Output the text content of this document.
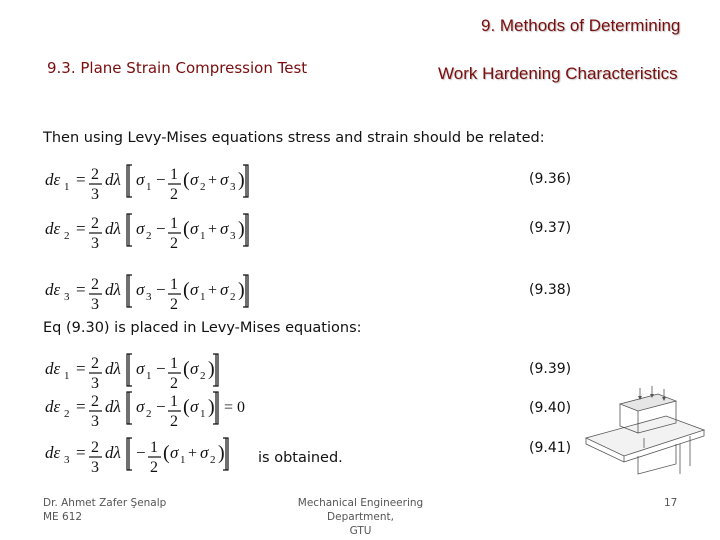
9. Methods of Determining
9.3. Plane Strain Compression Test	Work Hardening Characteristics
Then using Levy-Mises equations stress and strain should be related:
Eq (9.30) is placed in Levy-Mises equations:
is obtained.
dε 1 = 2
3
dλ σ 1 − 1
2
( σ 2 + σ 3 )
dε 2 = 2
3
dλ σ 2 − 1
2
( σ 1 + σ 3 )
dε 3 = 2
3
dλ σ 3 − 1
2
( σ 1 + σ 2 )
dε 1 = 2
3
dλ σ 1 − 1
2
( σ 2 )
dε 2 = 2
3
dλ σ 2 − 1
2
( σ 1 ) = 0
dε 3 = 2
3
dλ − 1
2
( σ 1 + σ 2 )
(9.36)
(9.37)
(9.38)
(9.39)
(9.40)
(9.41)
Dr. Ahmet Zafer Şenalp
ME 612
Mechanical Engineering Department,
GTU
17
